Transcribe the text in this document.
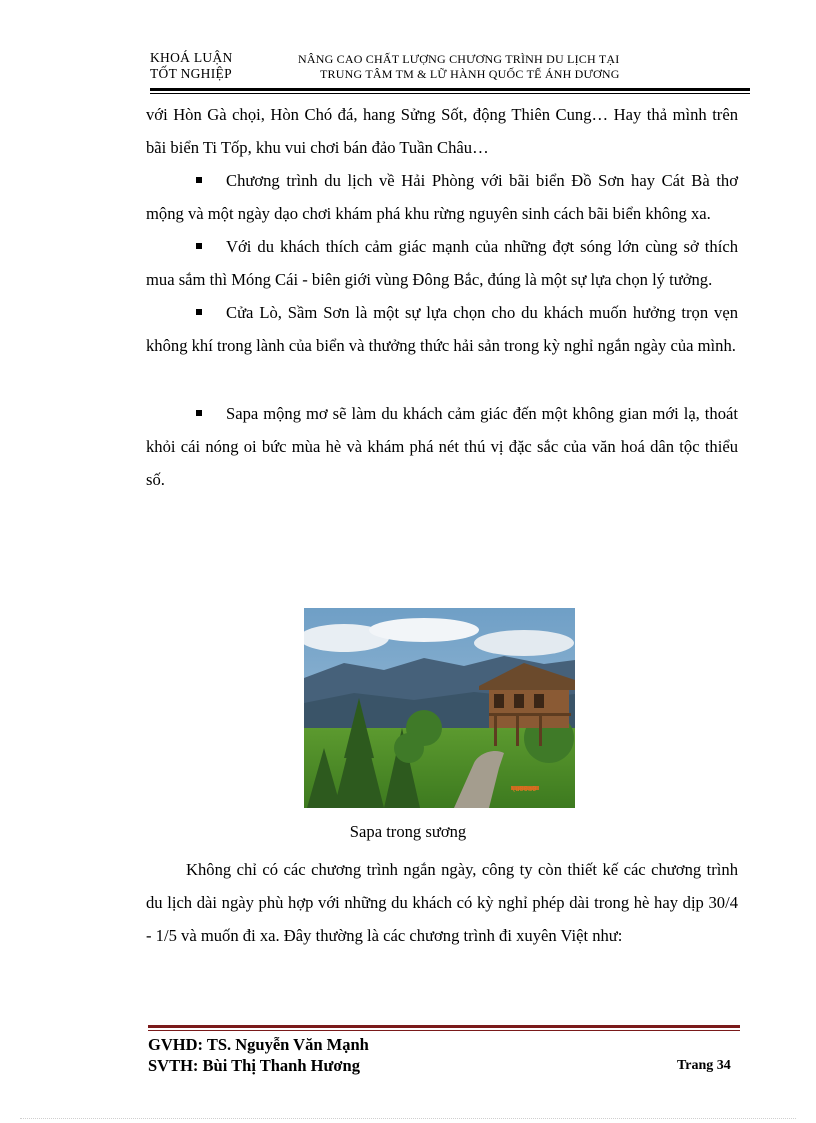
KHOÁ LUẬN
TỐT NGHIỆP
NÂNG CAO CHẤT LƯỢNG CHƯƠNG TRÌNH DU LỊCH TẠI
TRUNG TÂM TM & LỮ HÀNH QUỐC TẾ ÁNH DƯƠNG

với Hòn Gà chọi, Hòn Chó đá, hang Sửng Sốt, động Thiên Cung… Hay thả mình trên bãi biển Ti Tốp, khu vui chơi bán đảo Tuần Châu…

Chương trình du lịch về Hải Phòng với bãi biển Đồ Sơn hay Cát Bà thơ mộng và một ngày dạo chơi khám phá khu rừng nguyên sinh cách bãi biển không xa.

Với du khách thích cảm giác mạnh của những đợt sóng lớn cùng sở thích mua sắm thì Móng Cái - biên giới vùng Đông Bắc, đúng là một sự lựa chọn lý tưởng.

Cửa Lò, Sầm Sơn là một sự lựa chọn cho du khách muốn hưởng trọn vẹn không khí trong lành của biển và thưởng thức hải sản trong kỳ nghỉ ngắn ngày của mình.

Sapa mộng mơ sẽ làm du khách cảm giác đến một không gian mới lạ, thoát khỏi cái nóng oi bức mùa hè và khám phá nét thú vị đặc sắc của văn hoá dân tộc thiểu số.

Sapa trong sương

Không chỉ có các chương trình ngắn ngày, công ty còn thiết kế các chương trình du lịch dài ngày phù hợp với những du khách có kỳ nghỉ phép dài trong hè hay dịp 30/4 - 1/5 và muốn đi xa. Đây thường là các chương trình đi xuyên Việt như:

GVHD: TS. Nguyễn Văn Mạnh
SVTH: Bùi Thị Thanh Hương	Trang 34
